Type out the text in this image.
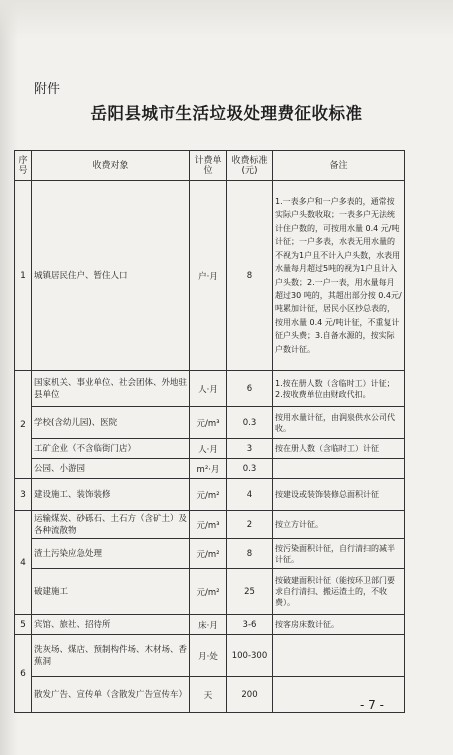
附件
岳阳县城市生活垃圾处理费征收标准
序号	收费对象	计费单位	收费标准(元)	备注
1	城镇居民住户、暂住人口	户·月	8	1.一表多户和一户多表的，通常按实际户头数收取；一表多户无法统计住户数的，可按用水量 0.4 元/吨计征；一户多表，水表无用水量的不视为1户且不计入户头数，水表用水量每月超过5吨的视为1户且计入户头数；2.一户一表，用水量每月超过30 吨的，其超出部分按 0.4元/吨累加计征，居民小区抄总表的，按用水量 0.4 元/吨计征，不重复计征户头费；3.自备水源的，按实际户数计征。
2	国家机关、事业单位、社会团体、外地驻县单位	人·月	6	1.按在册人数（含临时工）计征；2.按收费单位由财政代扣。
	学校(含幼儿园)、医院	元/m³	0.3	按用水量计征，由润泉供水公司代收。
	工矿企业（不含临街门店）	人·月	3	按在册人数（含临时工）计征
	公园、小游园	m²·月	0.3	
3	建设施工、装饰装修	元/m²	4	按建设或装饰装修总面积计征
4	运输煤炭、砂砾石、土石方（含矿土）及各种流散物	元/m³	2	按立方计征。
	渣土污染应急处理	元/m²	8	按污染面积计征，自行清扫的减半计征。
	破建施工	元/m²	25	按破建面积计征（能按环卫部门要求自行清扫、搬运渣土的，不收费）。
5	宾馆、旅社、招待所	床·月	3-6	按客房床数计征。
6	洗灰场、煤店、预制构件场、木材场、香蕉洞	月·处	100-300	
	散发广告、宣传单（含散发广告宣传车）	天	200	
- 7 -
